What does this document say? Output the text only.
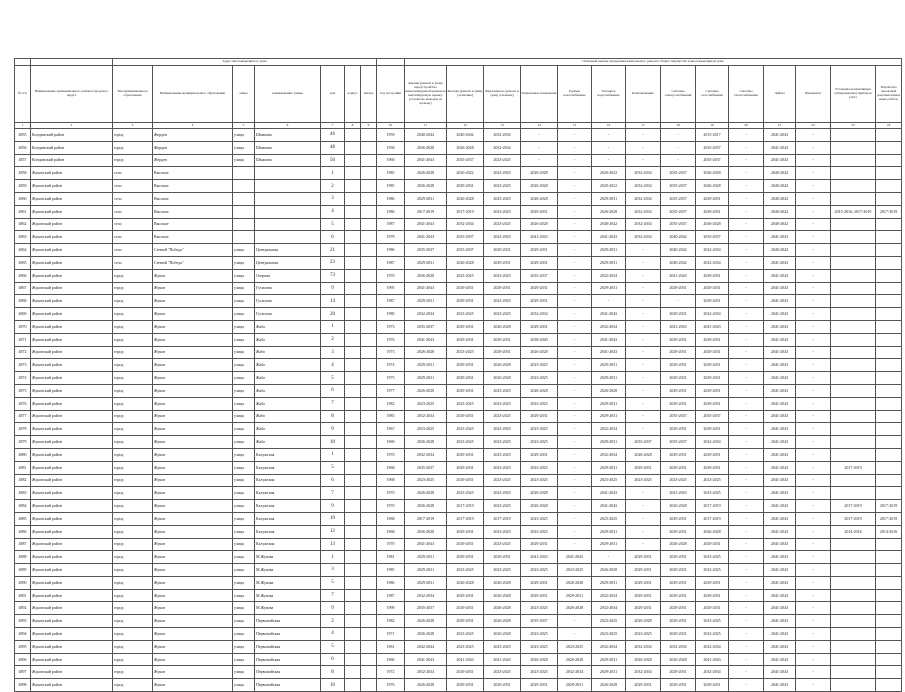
		Адрес многоквартирного дома								Плановый период проведения капитального ремонта общего имущества в многоквартирном доме														
№ п/п	Наименование муниципального района/городского округа	Тип муниципального образования	Наименование муниципального образования	улица	наименование улицы	дом	корпус	литера	Год постройки	Крыши (ремонт и (или) переустройство невентилируемой крыши на вентилируемую крышу, устройство выходов на кровлю)	Фасады (ремонт и (или) утепление)	Фундаменты (ремонт и (или) усиление)	Подвальные помещения	Горячее водоснабжение	Холодное водоснабжение	Канализование	Системы электроснабжения	Системы газоснабжения	Системы теплоснабжения	Лифты	Фундамент	Установка коллективных (общедомовых) приборов учета	Разработка проектной документации и иные работы	
1	2	3	4	5	6	7	8	9	10	11	12	13	14	15	16	17	18	19	20	21	22	23	24	
4855	Кондинский район	город	Жердев	улица	Шмакова	46			1959	2040-2042	2040-2042	2032-2034	-	-	-	-	-	2015-2017	-	2041-2043	-			
4856	Кондинский район	город	Жердев	улица	Шмакова	48			1958	2026-2028	2026-2028	2032-2034	-	-	-	-	-	2035-2037	-	2041-2043	-			
4857	Кондинский район	город	Жердев	улица	Шмакова	50			1960	2041-2043	2035-2037	2023-2025	-	-	-	-	-	2035-2037	-	2041-2043	-			
4858	Жуковский район	село	Высокое			1			1985	2026-2028	2020-2022	2023-2025	2026-2028	-	2020-2022	2032-2034	2035-2037	2026-2028	-	2040-2042	-			
4859	Жуковский район	село	Высокое			2			1985	2026-2028	2029-2031	2023-2025	2026-2028	-	2020-2022	2032-2034	2035-2037	2026-2028	-	2040-2042	-			
4860	Жуковский район	село	Высокое			3			1986	2029-2031	2026-2028	2023-2025	2026-2028	-	2029-2031	2032-2034	2035-2037	2029-2031	-	2040-2042	-			
4861	Жуковский район	село	Высокое			4			1986	2017-2019	2017-2019	2023-2025	2029-2031	-	2026-2028	2032-2034	2035-2037	2029-2031	-	2040-2042	-	2015-2016; 2017-2019	2017-2019	
4862	Жуковский район	село	Высокое			5			1987	2041-2043	2032-2034	2023-2025	2026-2028	-	2040-2042	2032-2034	2035-2037	2026-2028	-	2040-2042	-			
4863	Жуковский район	село	Высокое			6			1978	2041-2043	2035-2037	2023-2025	2041-2043	-	2041-2043	2032-2034	2040-2042	2035-2037	-	2041-2043	-			
4864	Жуковский район	село	Сенной "Победа"	улица	Центральная	21			1986	2035-2037	2035-2037	2029-2031	2029-2031	-	2029-2031	-	2040-2042	2032-2034	-	2040-2042	-			
4865	Жуковский район	село	Сенной "Победа"	улица	Центральная	23			1987	2029-2031	2026-2028	2029-2031	2029-2031	-	2029-2031	-	2040-2042	2032-2034	-	2041-2043	-			
4866	Жуковский район	город	Жуков	улица	Озерная	73			1970	2026-2028	2023-2025	2023-2025	2035-2037	-	2032-2034	-	2041-2043	2029-2031	-	2041-2043	-			
4867	Жуковский район	город	Жуков	улица	Гусилова	9			1995	2041-2043	2029-2031	2029-2031	2029-2031	-	2029-2031	-	2029-2031	2029-2031	-	2041-2043	-			
4868	Жуковский район	город	Жуков	улица	Гусилова	14			1987	2029-2031	2029-2031	2023-2025	2029-2031	-	-	-	-	2029-2031	-	2041-2043	-			
4869	Жуковский район	город	Жуков	улица	Гусилова	20			1980	2032-2034	2023-2025	2023-2025	2032-2034	-	2041-2043	-	2029-2031	2032-2034	-	2041-2043	-			
4870	Жуковский район	город	Жуков	улица	Жабо	1			1973	2035-2037	2029-2031	2026-2028	2029-2031	-	2032-2034	-	2041-2043	2041-2043	-	2041-2043	-			
4871	Жуковский район	город	Жуков	улица	Жабо	2			1976	2041-2043	2029-2031	2029-2031	2038-2040	-	2041-2043	-	2029-2031	2029-2031	-	2041-2043	-			
4872	Жуковский район	город	Жуков	улица	Жабо	3			1973	2026-2028	2023-2025	2029-2031	2026-2028	-	2041-2043	-	2029-2031	2029-2031	-	2041-2043	-			
4873	Жуковский район	город	Жуков	улица	Жабо	4			1974	2029-2031	2029-2031	2026-2028	2023-2025	-	2029-2031	-	2029-2031	2029-2031	-	2041-2043	-			
4874	Жуковский район	город	Жуков	улица	Жабо	5			1975	2029-2031	2029-2031	2026-2028	2023-2025	-	2029-2031	-	2029-2031	2029-2031	-	2041-2043	-			
4875	Жуковский район	город	Жуков	улица	Жабо	6			1977	2026-2028	2029-2031	2023-2025	2026-2028	-	2026-2028	-	2029-2031	2029-2031	-	2041-2043	-			
4876	Жуковский район	город	Жуков	улица	Жабо	7			1982	2023-2025	2023-2025	2023-2025	2023-2025	-	2029-2031	-	2029-2031	2029-2031	-	2041-2043	-			
4877	Жуковский район	город	Жуков	улица	Жабо	8			1985	2032-2034	2029-2031	2023-2025	2029-2031	-	2029-2031	-	2035-2037	2035-2037	-	2041-2043	-			
4878	Жуковский район	город	Жуков	улица	Жабо	9			1967	2023-2025	2023-2025	2023-2025	2023-2025	-	2032-2034	-	2029-2031	2029-2031	-	2041-2043	-			
4879	Жуковский район	город	Жуков	улица	Жабо	10			1969	2026-2028	2023-2025	2023-2025	2023-2025	-	2029-2031	2035-2037	2035-2037	2032-2034	-	2041-2043	-			
4880	Жуковский район	город	Жуков	улица	Калужская	1			1970	2032-2034	2029-2031	2023-2025	2029-2031	-	2032-2034	2026-2028	2029-2031	2029-2031	-	2041-2043	-			
4881	Жуковский район	город	Жуков	улица	Калужская	5			1968	2035-2037	2029-2031	2023-2025	2023-2025	-	2029-2031	2029-2031	2029-2031	2029-2031	-	2041-2043	-	2017-2019		
4882	Жуковский район	город	Жуков	улица	Калужская	6			1968	2023-2025	2029-2031	2023-2025	2023-2025	-	2023-2025	2023-2025	2023-2025	2023-2025	-	2041-2043	-			
4883	Жуковский район	город	Жуков	улица	Калужская	7			1970	2026-2028	2023-2025	2023-2025	2026-2028	-	2041-2043	-	2041-2043	2023-2025	-	2041-2043	-			
4884	Жуковский район	город	Жуков	улица	Калужская	9			1970	2026-2028	2017-2019	2023-2025	2026-2028	-	2041-2043	-	2026-2028	2017-2019	-	2041-2043	-	2017-2019	2017-2019	
4885	Жуковский район	город	Жуков	улица	Калужская	10			1968	2017-2019	2017-2019	2017-2019	2023-2025	-	2023-2025	-	2029-2031	2017-2019	-	2041-2043	-	2017-2019	2017-2019	
4886	Жуковский район	город	Жуков	улица	Калужская	12			1968	2026-2028	2029-2031	2023-2025	2023-2025	-	2029-2031	-	2029-2031	2026-2028	-	2041-2043	-	2014-2016	2014-2016	
4887	Жуковский район	город	Жуков	улица	Калужская	13			1970	2041-2043	2029-2031	2023-2025	2029-2031	-	2029-2031	-	2026-2028	2029-2031	-	2041-2043	-			
4888	Жуковский район	город	Жуков	улица	М.Жукова	1			1981	2029-2031	2029-2031	2029-2031	2041-2043	2041-2043	-	2029-2031	2029-2031	2023-2025	-	2041-2043	-			
4889	Жуковский район	город	Жуков	улица	М.Жукова	3			1985	2029-2031	2023-2025	2023-2025	2023-2025	2023-2025	2026-2028	2029-2031	2029-2031	2023-2025	-	2041-2043	-			
4890	Жуковский район	город	Жуков	улица	М.Жукова	5			1986	2029-2031	2026-2028	2026-2028	2029-2031	2026-2028	2029-2031	2029-2031	2029-2031	2029-2031	-	2041-2043	-			
4891	Жуковский район	город	Жуков	улица	М.Жукова	7			1987	2032-2034	2029-2031	2026-2028	2029-2031	2029-2031	2032-2034	2029-2031	2029-2031	2029-2031	-	2041-2043	-			
4892	Жуковский район	город	Жуков	улица	М.Жукова	9			1990	2035-2037	2029-2031	2026-2028	2023-2025	2026-2028	2032-2034	2029-2031	2029-2031	2029-2031	-	2041-2043	-			
4893	Жуковский район	город	Жуков	улица	Первомайская	2			1982	2026-2028	2029-2031	2026-2028	2035-2037	-	2023-2025	2026-2028	2029-2031	2023-2025	-	2041-2043	-			
4894	Жуковский район	город	Жуков	улица	Первомайская	4			1971	2026-2028	2023-2025	2026-2028	2023-2025	-	2023-2025	2023-2025	2029-2031	2023-2025	-	2041-2043	-			
4895	Жуковский район	город	Жуков	улица	Первомайская	5			1961	2042-2044	2023-2025	2023-2025	2023-2025	2023-2025	2032-2034	2032-2034	2032-2034	2032-2034	-	2041-2043	-			
4896	Жуковский район	город	Жуков	улица	Первомайская	6			1960	2041-2043	2041-2043	2041-2043	2026-2028	2026-2028	2029-2031	2026-2028	2026-2028	2041-2043	-	2041-2043	-			
4897	Жуковский район	город	Жуков	улица	Первомайская	8			1972	2032-2034	2029-2031	2023-2025	2023-2025	2032-2034	2029-2031	2032-2034	2029-2031	2032-2034	-	2041-2043	-			
4898	Жуковский район	город	Жуков	улица	Первомайская	10			1976	2026-2028	2029-2031	2029-2031	2029-2031	2029-2031	2026-2028	2029-2031	2029-2031	2029-2031	-	2041-2043	-			
